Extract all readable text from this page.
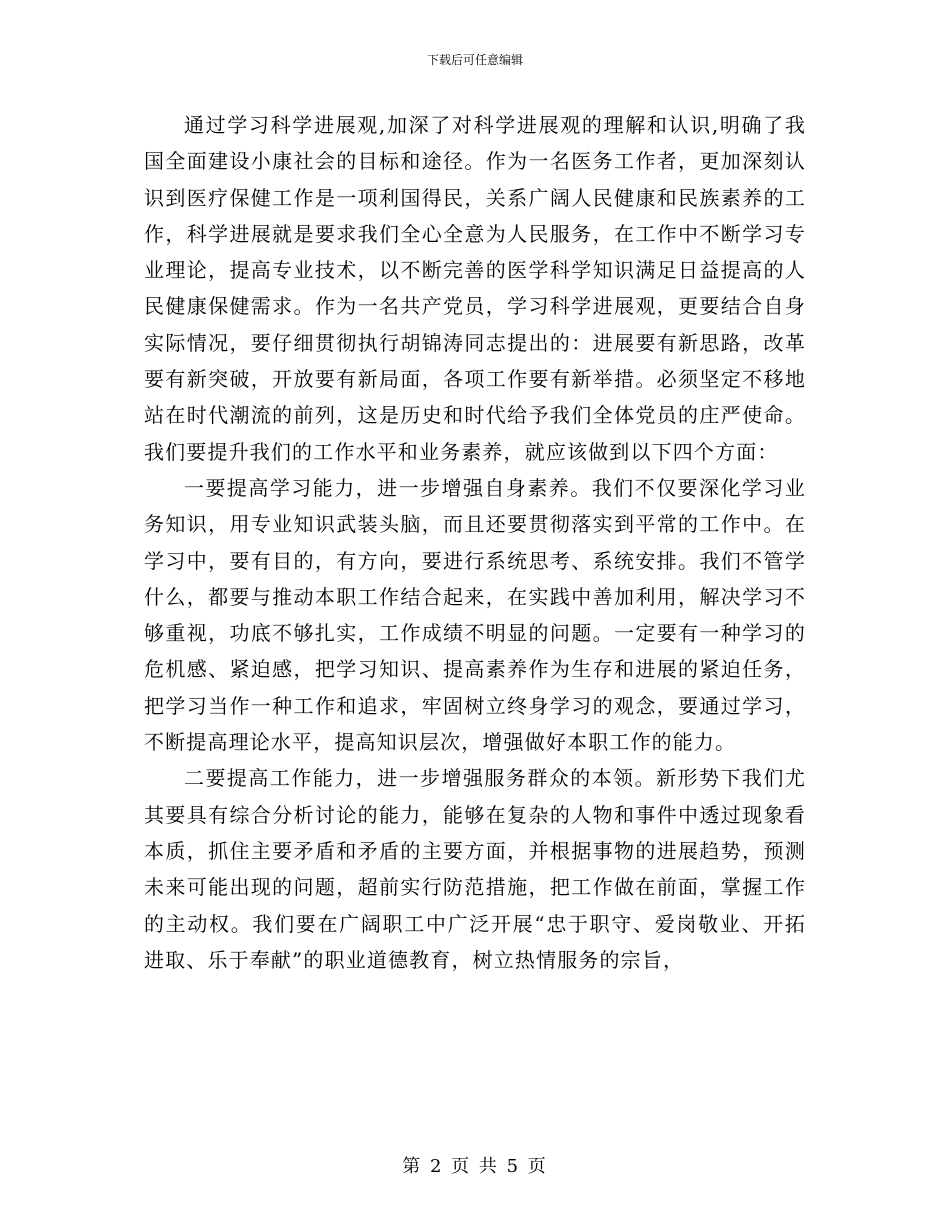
下载后可任意编辑

通过学习科学进展观,加深了对科学进展观的理解和认识,明确了我国全面建设小康社会的目标和途径。作为一名医务工作者，更加深刻认识到医疗保健工作是一项利国得民，关系广阔人民健康和民族素养的工作，科学进展就是要求我们全心全意为人民服务，在工作中不断学习专业理论，提高专业技术，以不断完善的医学科学知识满足日益提高的人民健康保健需求。作为一名共产党员，学习科学进展观，更要结合自身实际情况，要仔细贯彻执行胡锦涛同志提出的：进展要有新思路，改革要有新突破，开放要有新局面，各项工作要有新举措。必须坚定不移地站在时代潮流的前列，这是历史和时代给予我们全体党员的庄严使命。我们要提升我们的工作水平和业务素养，就应该做到以下四个方面：

一要提高学习能力，进一步增强自身素养。我们不仅要深化学习业务知识，用专业知识武装头脑，而且还要贯彻落实到平常的工作中。在学习中，要有目的，有方向，要进行系统思考、系统安排。我们不管学什么，都要与推动本职工作结合起来，在实践中善加利用，解决学习不够重视，功底不够扎实，工作成绩不明显的问题。一定要有一种学习的危机感、紧迫感，把学习知识、提高素养作为生存和进展的紧迫任务，把学习当作一种工作和追求，牢固树立终身学习的观念，要通过学习，不断提高理论水平，提高知识层次，增强做好本职工作的能力。

二要提高工作能力，进一步增强服务群众的本领。新形势下我们尤其要具有综合分析讨论的能力，能够在复杂的人物和事件中透过现象看本质，抓住主要矛盾和矛盾的主要方面，并根据事物的进展趋势，预测未来可能出现的问题，超前实行防范措施，把工作做在前面，掌握工作的主动权。我们要在广阔职工中广泛开展“忠于职守、爱岗敬业、开拓进取、乐于奉献”的职业道德教育，树立热情服务的宗旨，

第 2 页 共 5 页
